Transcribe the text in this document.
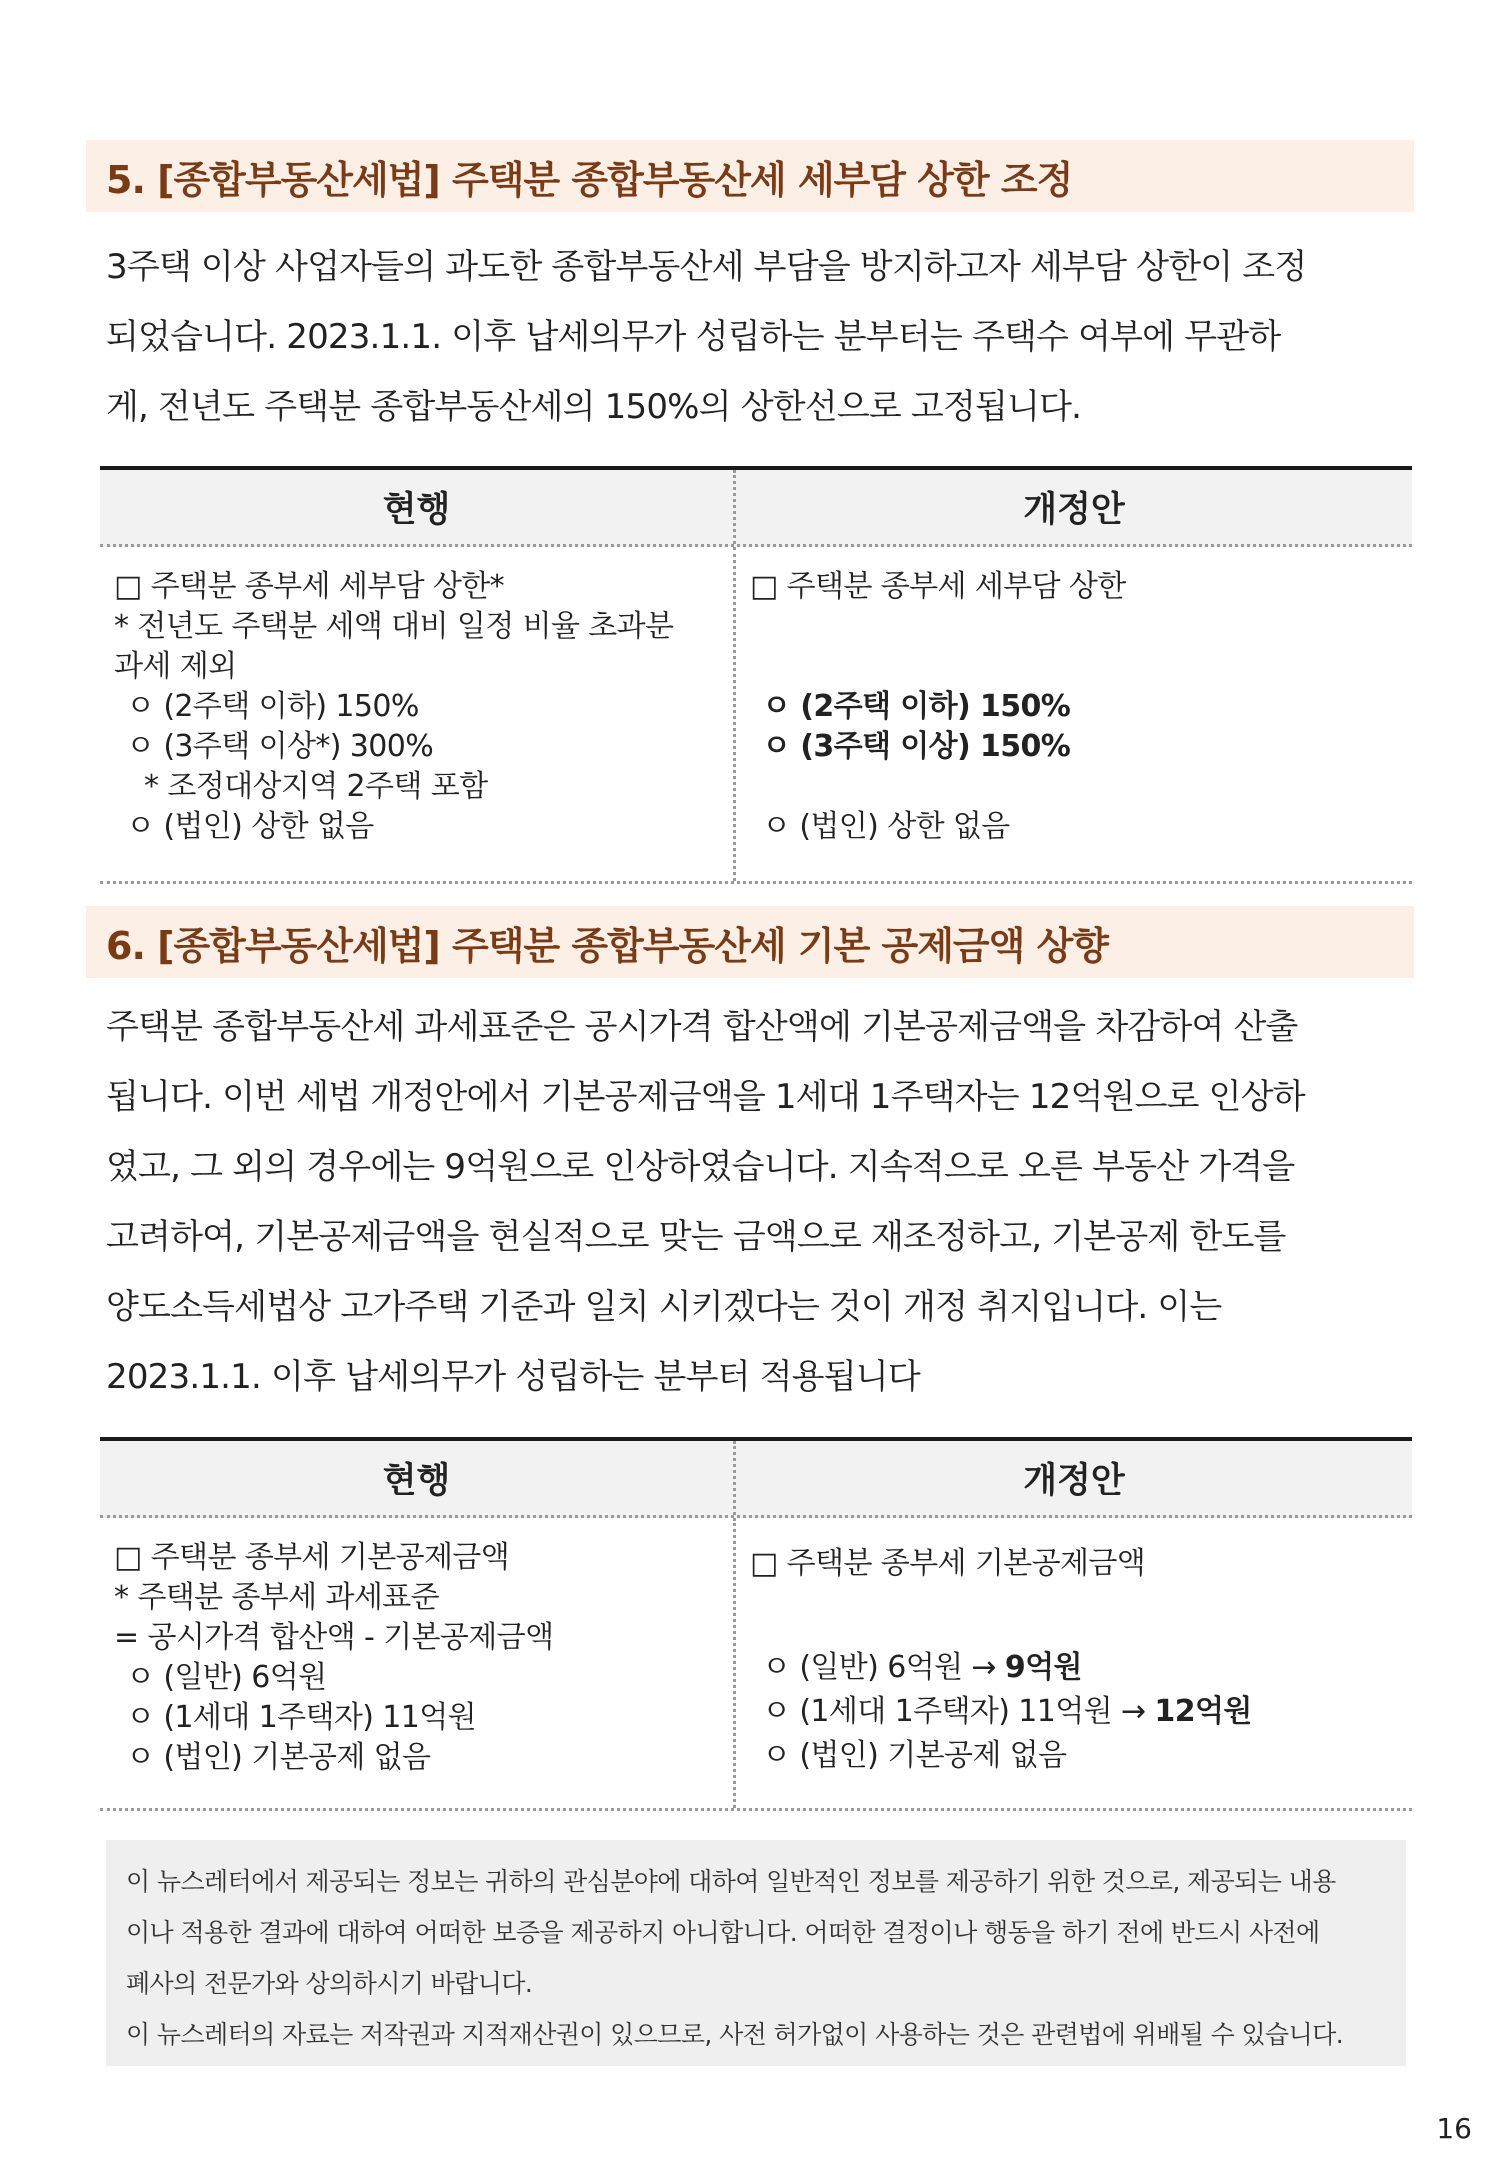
5. [종합부동산세법] 주택분 종합부동산세 세부담 상한 조정
3주택 이상 사업자들의 과도한 종합부동산세 부담을 방지하고자 세부담 상한이 조정
되었습니다. 2023.1.1. 이후 납세의무가 성립하는 분부터는 주택수 여부에 무관하
게, 전년도 주택분 종합부동산세의 150%의 상한선으로 고정됩니다.
현행	개정안
□ 주택분 종부세 세부담 상한*
* 전년도 주택분 세액 대비 일정 비율 초과분
과세 제외
ㅇ (2주택 이하) 150%
ㅇ (3주택 이상*) 300%
* 조정대상지역 2주택 포함
ㅇ (법인) 상한 없음
□ 주택분 종부세 세부담 상한
ㅇ (2주택 이하) 150%
ㅇ (3주택 이상) 150%
ㅇ (법인) 상한 없음
6. [종합부동산세법] 주택분 종합부동산세 기본 공제금액 상향
주택분 종합부동산세 과세표준은 공시가격 합산액에 기본공제금액을 차감하여 산출
됩니다. 이번 세법 개정안에서 기본공제금액을 1세대 1주택자는 12억원으로 인상하
였고, 그 외의 경우에는 9억원으로 인상하였습니다. 지속적으로 오른 부동산 가격을
고려하여, 기본공제금액을 현실적으로 맞는 금액으로 재조정하고, 기본공제 한도를
양도소득세법상 고가주택 기준과 일치 시키겠다는 것이 개정 취지입니다. 이는
2023.1.1. 이후 납세의무가 성립하는 분부터 적용됩니다
현행	개정안
□ 주택분 종부세 기본공제금액
* 주택분 종부세 과세표준
= 공시가격 합산액 - 기본공제금액
ㅇ (일반) 6억원
ㅇ (1세대 1주택자) 11억원
ㅇ (법인) 기본공제 없음
□ 주택분 종부세 기본공제금액
ㅇ (일반) 6억원 → 9억원
ㅇ (1세대 1주택자) 11억원 → 12억원
ㅇ (법인) 기본공제 없음
이 뉴스레터에서 제공되는 정보는 귀하의 관심분야에 대하여 일반적인 정보를 제공하기 위한 것으로, 제공되는 내용
이나 적용한 결과에 대하여 어떠한 보증을 제공하지 아니합니다. 어떠한 결정이나 행동을 하기 전에 반드시 사전에
폐사의 전문가와 상의하시기 바랍니다.
이 뉴스레터의 자료는 저작권과 지적재산권이 있으므로, 사전 허가없이 사용하는 것은 관련법에 위배될 수 있습니다.
16
